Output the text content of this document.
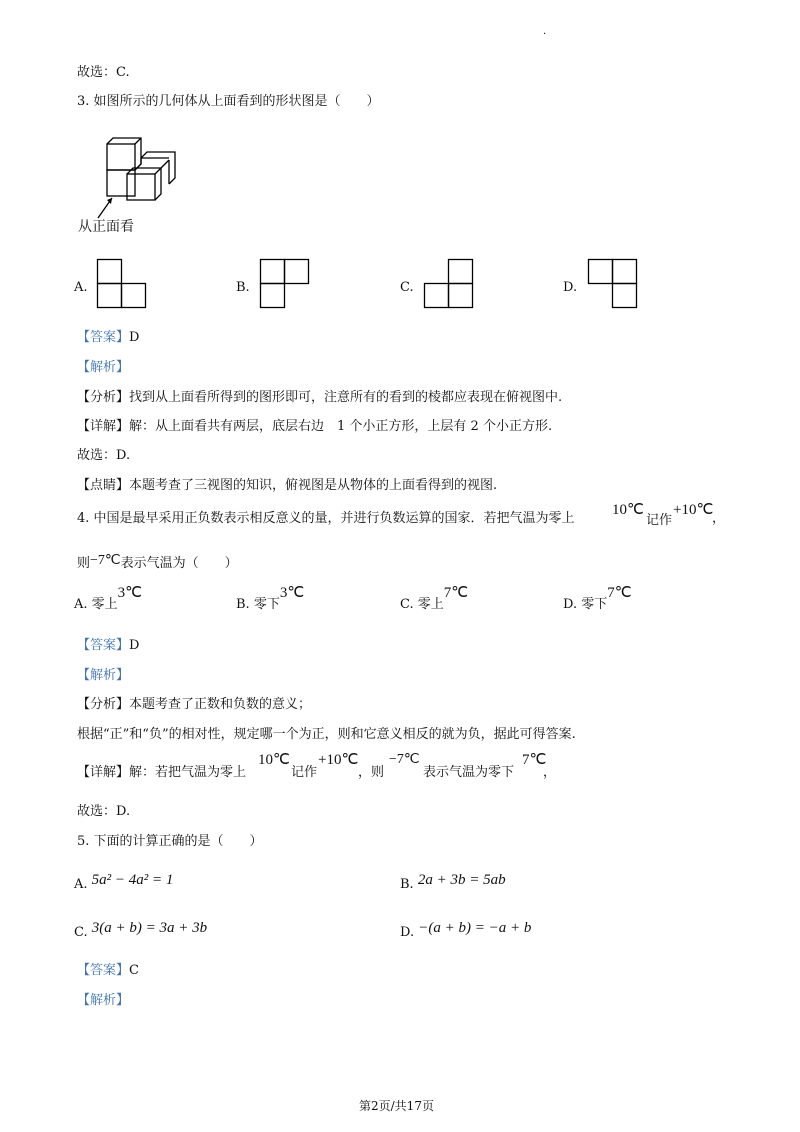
·
故选：C.
3. 如图所示的几何体从上面看到的形状图是（　　）
从正面看
A.	B.	C.	D.
【答案】D
【解析】
【分析】找到从上面看所得到的图形即可，注意所有的看到的棱都应表现在俯视图中.
【详解】解：从上面看共有两层，底层右边　1 个小正方形，上层有 2 个小正方形.
故选：D.
【点睛】本题考查了三视图的知识，俯视图是从物体的上面看得到的视图.
4. 中国是最早采用正负数表示相反意义的量，并进行负数运算的国家．若把气温为零上
10℃
记作
+10℃
，
则−7℃表示气温为（　　）
A. 零上3℃
B. 零下3℃
C. 零上7℃
D. 零下7℃
【答案】D
【解析】
【分析】本题考查了正数和负数的意义；
根据“正”和“负”的相对性，规定哪一个为正，则和它意义相反的就为负，据此可得答案.
【详解】解：若把气温为零上
10℃
记作
+10℃
，则
−7℃
表示气温为零下
7℃
，
故选：D.
5. 下面的计算正确的是（　　）
A. 5a² − 4a² = 1	B. 2a + 3b = 5ab
C. 3(a + b) = 3a + 3b	D. −(a + b) = −a + b
【答案】C
【解析】
第2页/共17页
